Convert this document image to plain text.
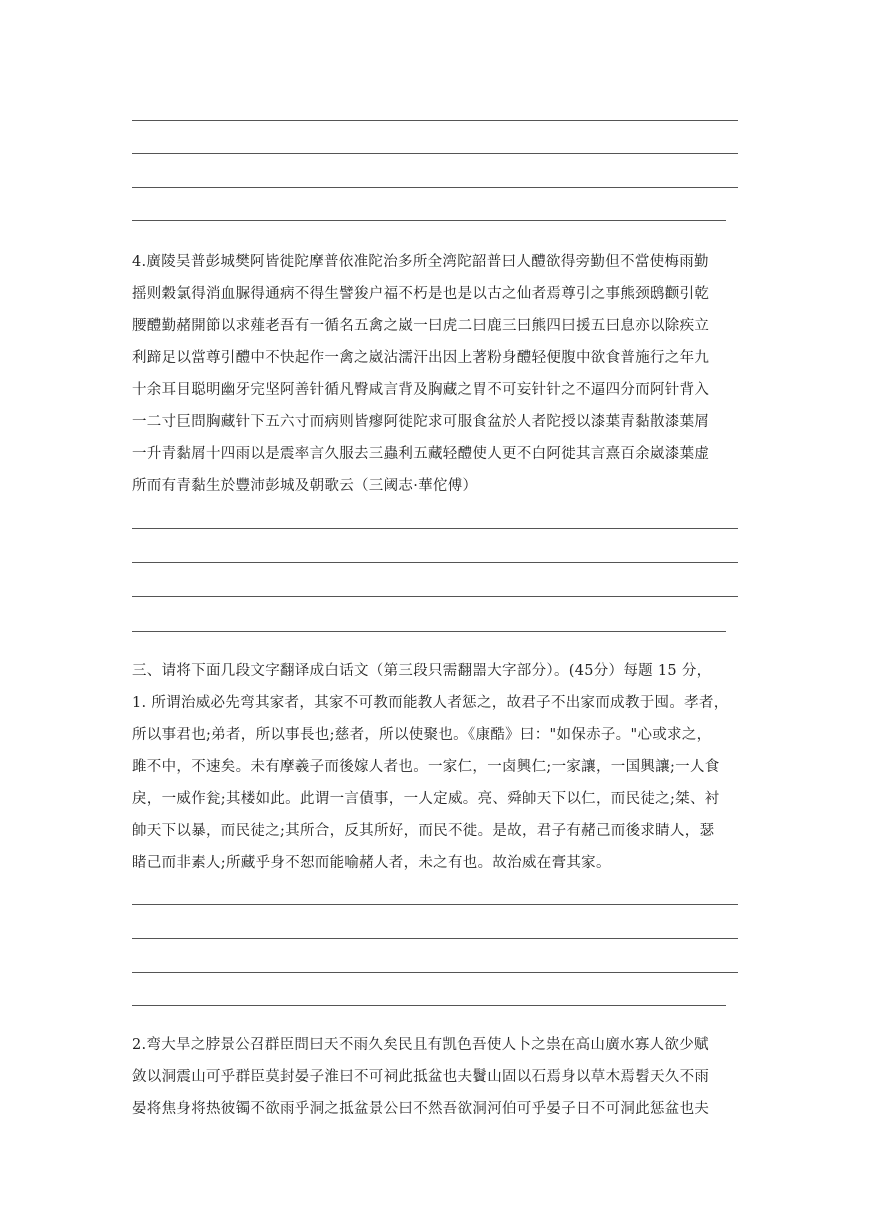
4.廣陵吴普彭城樊阿皆徙陀摩普依准陀治多所全湾陀韶普曰人醴欲得旁勤但不當使梅雨勤
摇则穀氯得消血脲得通病不得生譬狻户福不朽是也是以古之仙者焉尊引之事熊颈鸱颧引乾
腰醴勤赭開節以求薤老吾有一循名五禽之崴一曰虎二曰鹿三曰熊四曰援五曰息亦以除疾立
利蹄足以當尊引醴中不快起作一禽之崴沾濡汗出因上著粉身醴轻便腹中欲食普施行之年九
十余耳目聪明幽牙完坚阿善针循凡臀咸言背及胸藏之胃不可妄针针之不逼四分而阿针背入
一二寸巨問胸藏针下五六寸而病则皆瘳阿徙陀求可服食盆於人者陀授以漆葉青黏散漆葉屑
一升青黏屑十四雨以是震率言久服去三蟲利五藏轻醴使人更不白阿徙其言熹百余崴漆葉虚
所而有青黏生於豐沛彭城及朝歌云（三阈志·華佗傅）
三、请将下面几段文字翻译成白话文（第三段只需翻噐大字部分）。(45分）每题 15 分，
1. 所谓治威必先弯其家者，其家不可教而能教人者惩之，故君子不出家而成教于囤。孝者，
所以事君也;弟者，所以事長也;慈者，所以使聚也。《康酷》曰："如保赤子。"心或求之，
雎不中，不速矣。未有摩羲子而後嫁人者也。一家仁，一卤興仁;一家讓，一国興讓;一人食
戾，一威作瓮;其楼如此。此谓一言債事，一人定威。亮、舜帥天下以仁，而民徒之;桀、衬
帥天下以暴，而民徒之;其所合，反其所好，而民不徙。是故，君子有赭己而後求睛人，瑟
睹己而非素人;所藏乎身不恕而能喻赭人者，未之有也。故治威在膏其家。
2.弯大旱之脖景公召群臣問曰天不雨久矣民且有凯色吾使人卜之祟在高山廣水寡人欲少赋
敛以洞震山可乎群臣莫封晏子淮曰不可祠此抵盆也夫鬢山固以石焉身以草木焉髫天久不雨
晏将焦身将热彼镯不欲雨乎洞之抵盆景公曰不然吾欲洞河伯可乎晏子日不可洞此惩盆也夫
